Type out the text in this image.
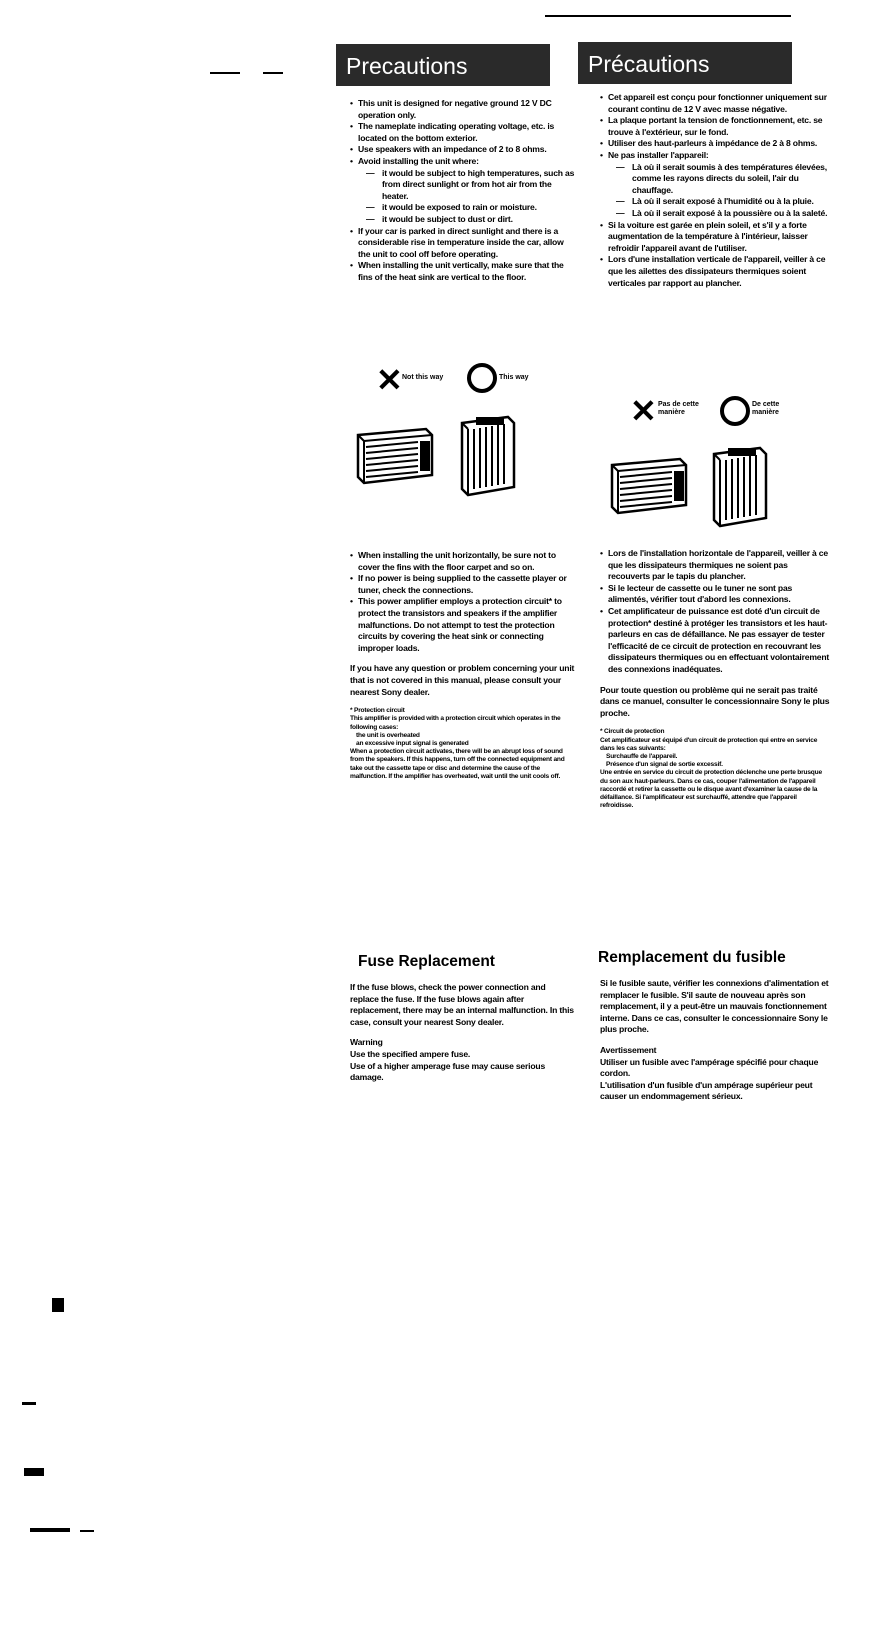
Precautions
• This unit is designed for negative ground 12 V DC operation only.
• The nameplate indicating operating voltage, etc. is located on the bottom exterior.
• Use speakers with an impedance of 2 to 8 ohms.
• Avoid installing the unit where:
— it would be subject to high temperatures, such as from direct sunlight or from hot air from the heater.
— it would be exposed to rain or moisture.
— it would be subject to dust or dirt.
• If your car is parked in direct sunlight and there is a considerable rise in temperature inside the car, allow the unit to cool off before operating.
• When installing the unit vertically, make sure that the fins of the heat sink are vertical to the floor.
✕ Not this way	○ This way
• When installing the unit horizontally, be sure not to cover the fins with the floor carpet and so on.
• If no power is being supplied to the cassette player or tuner, check the connections.
• This power amplifier employs a protection circuit* to protect the transistors and speakers if the amplifier malfunctions. Do not attempt to test the protection circuits by covering the heat sink or connecting improper loads.

If you have any question or problem concerning your unit that is not covered in this manual, please consult your nearest Sony dealer.

* Protection circuit

This amplifier is provided with a protection circuit which operates in the following cases:

the unit is overheated

an excessive input signal is generated

When a protection circuit activates, there will be an abrupt loss of sound from the speakers. If this happens, turn off the connected equipment and take out the cassette tape or disc and determine the cause of the malfunction. If the amplifier has overheated, wait until the unit cools off.

Fuse Replacement

If the fuse blows, check the power connection and replace the fuse. If the fuse blows again after replacement, there may be an internal malfunction. In this case, consult your nearest Sony dealer.

Warning

Use the specified ampere fuse.

Use of a higher amperage fuse may cause serious damage.

Précautions
• Cet appareil est conçu pour fonctionner uniquement sur courant continu de 12 V avec masse négative.
• La plaque portant la tension de fonctionnement, etc. se trouve à l'extérieur, sur le fond.
• Utiliser des haut-parleurs à impédance de 2 à 8 ohms.
• Ne pas installer l'appareil:
— Là où il serait soumis à des températures élevées, comme les rayons directs du soleil, l'air du chauffage.
— Là où il serait exposé à l'humidité ou à la pluie.
— Là où il serait exposé à la poussière ou à la saleté.
• Si la voiture est garée en plein soleil, et s'il y a forte augmentation de la température à l'intérieur, laisser refroidir l'appareil avant de l'utiliser.
• Lors d'une installation verticale de l'appareil, veiller à ce que les ailettes des dissipateurs thermiques soient verticales par rapport au plancher.
✕ Pas de cette manière
De cette manière
• Lors de l'installation horizontale de l'appareil, veiller à ce que les dissipateurs thermiques ne soient pas recouverts par le tapis du plancher.
• Si le lecteur de cassette ou le tuner ne sont pas alimentés, vérifier tout d'abord les connexions.
• Cet amplificateur de puissance est doté d'un circuit de protection* destiné à protéger les transistors et les haut-parleurs en cas de défaillance. Ne pas essayer de tester l'efficacité de ce circuit de protection en recouvrant les dissipateurs thermiques ou en effectuant volontairement des connexions inadéquates.

Pour toute question ou problème qui ne serait pas traité dans ce manuel, consulter le concessionnaire Sony le plus proche.

* Circuit de protection

Cet amplificateur est équipé d'un circuit de protection qui entre en service dans les cas suivants:

Surchauffe de l'appareil.

Présence d'un signal de sortie excessif.

Une entrée en service du circuit de protection déclenche une perte brusque du son aux haut-parleurs. Dans ce cas, couper l'alimentation de l'appareil raccordé et retirer la cassette ou le disque avant d'examiner la cause de la défaillance. Si l'amplificateur est surchauffé, attendre que l'appareil refroidisse.

Remplacement du fusible

Si le fusible saute, vérifier les connexions d'alimentation et remplacer le fusible. S'il saute de nouveau après son remplacement, il y a peut-être un mauvais fonctionnement interne. Dans ce cas, consulter le concessionnaire Sony le plus proche.

Avertissement

Utiliser un fusible avec l'ampérage spécifié pour chaque cordon.

L'utilisation d'un fusible d'un ampérage supérieur peut causer un endommagement sérieux.
